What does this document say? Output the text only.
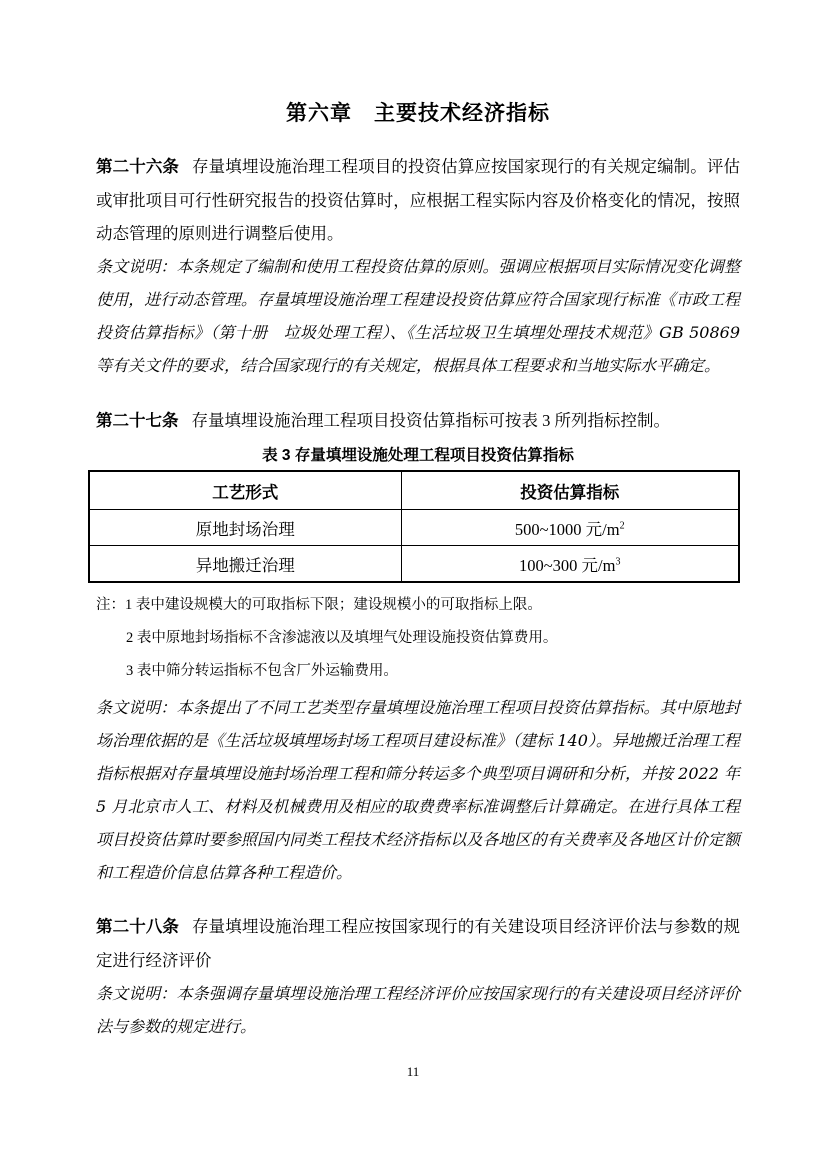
第六章　主要技术经济指标

第二十六条 存量填埋设施治理工程项目的投资估算应按国家现行的有关规定编制。评估或审批项目可行性研究报告的投资估算时，应根据工程实际内容及价格变化的情况，按照动态管理的原则进行调整后使用。

条文说明：本条规定了编制和使用工程投资估算的原则。强调应根据项目实际情况变化调整使用，进行动态管理。存量填埋设施治理工程建设投资估算应符合国家现行标准《市政工程投资估算指标》（第十册　垃圾处理工程）、《生活垃圾卫生填埋处理技术规范》GB 50869 等有关文件的要求，结合国家现行的有关规定，根据具体工程要求和当地实际水平确定。

第二十七条 存量填埋设施治理工程项目投资估算指标可按表 3 所列指标控制。

表 3 存量填埋设施处理工程项目投资估算指标
工艺形式	投资估算指标
原地封场治理	500~1000 元$/m^2$
异地搬迁治理	100~300 元$/m^3$
注：1 表中建设规模大的可取指标下限；建设规模小的可取指标上限。
2 表中原地封场指标不含渗滤液以及填埋气处理设施投资估算费用。
3 表中筛分转运指标不包含厂外运输费用。

条文说明：本条提出了不同工艺类型存量填埋设施治理工程项目投资估算指标。其中原地封场治理依据的是《生活垃圾填埋场封场工程项目建设标准》（建标 140）。异地搬迁治理工程指标根据对存量填埋设施封场治理工程和筛分转运多个典型项目调研和分析，并按 2022 年 5 月北京市人工、材料及机械费用及相应的取费费率标准调整后计算确定。在进行具体工程项目投资估算时要参照国内同类工程技术经济指标以及各地区的有关费率及各地区计价定额和工程造价信息估算各种工程造价。

第二十八条 存量填埋设施治理工程应按国家现行的有关建设项目经济评价法与参数的规定进行经济评价

条文说明：本条强调存量填埋设施治理工程经济评价应按国家现行的有关建设项目经济评价法与参数的规定进行。

11
